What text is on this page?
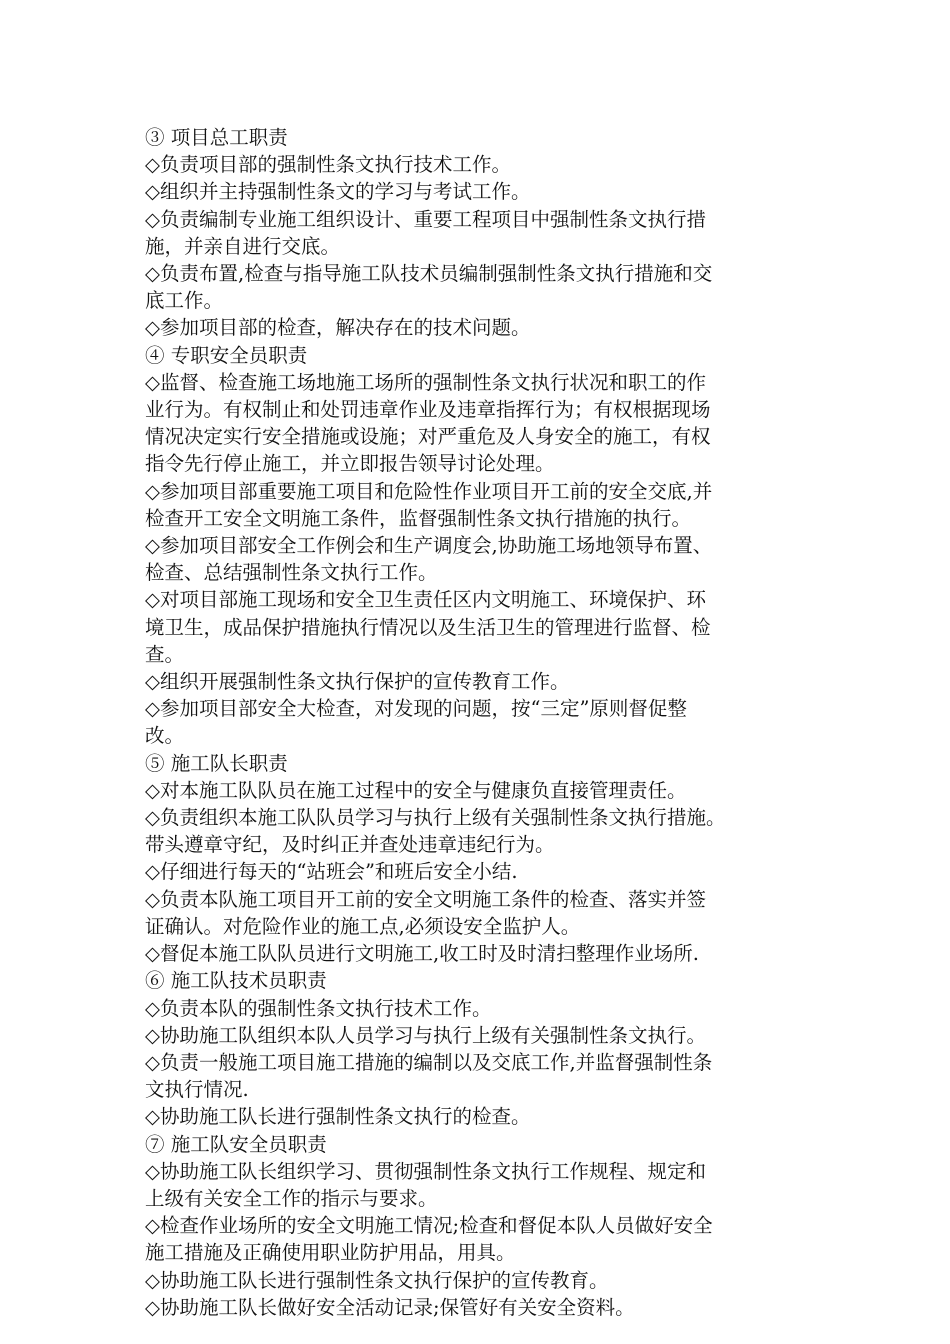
③ 项目总工职责
◇负责项目部的强制性条文执行技术工作。
◇组织并主持强制性条文的学习与考试工作。
◇负责编制专业施工组织设计、重要工程项目中强制性条文执行措
施，并亲自进行交底。
◇负责布置,检查与指导施工队技术员编制强制性条文执行措施和交
底工作。
◇参加项目部的检查，解决存在的技术问题。
④ 专职安全员职责
◇监督、检查施工场地施工场所的强制性条文执行状况和职工的作
业行为。有权制止和处罚违章作业及违章指挥行为；有权根据现场
情况决定实行安全措施或设施；对严重危及人身安全的施工，有权
指令先行停止施工，并立即报告领导讨论处理。
◇参加项目部重要施工项目和危险性作业项目开工前的安全交底,并
检查开工安全文明施工条件，监督强制性条文执行措施的执行。
◇参加项目部安全工作例会和生产调度会,协助施工场地领导布置、
检查、总结强制性条文执行工作。
◇对项目部施工现场和安全卫生责任区内文明施工、环境保护、环
境卫生，成品保护措施执行情况以及生活卫生的管理进行监督、检
查。
◇组织开展强制性条文执行保护的宣传教育工作。
◇参加项目部安全大检查，对发现的问题，按“三定”原则督促整
改。
⑤ 施工队长职责
◇对本施工队队员在施工过程中的安全与健康负直接管理责任。
◇负责组织本施工队队员学习与执行上级有关强制性条文执行措施。
带头遵章守纪，及时纠正并查处违章违纪行为。
◇仔细进行每天的“站班会”和班后安全小结.
◇负责本队施工项目开工前的安全文明施工条件的检查、落实并签
证确认。对危险作业的施工点,必须设安全监护人。
◇督促本施工队队员进行文明施工,收工时及时清扫整理作业场所.
⑥ 施工队技术员职责
◇负责本队的强制性条文执行技术工作。
◇协助施工队组织本队人员学习与执行上级有关强制性条文执行。
◇负责一般施工项目施工措施的编制以及交底工作,并监督强制性条
文执行情况.
◇协助施工队长进行强制性条文执行的检查。
⑦ 施工队安全员职责
◇协助施工队长组织学习、贯彻强制性条文执行工作规程、规定和
上级有关安全工作的指示与要求。
◇检查作业场所的安全文明施工情况;检查和督促本队人员做好安全
施工措施及正确使用职业防护用品，用具。
◇协助施工队长进行强制性条文执行保护的宣传教育。
◇协助施工队长做好安全活动记录;保管好有关安全资料。
